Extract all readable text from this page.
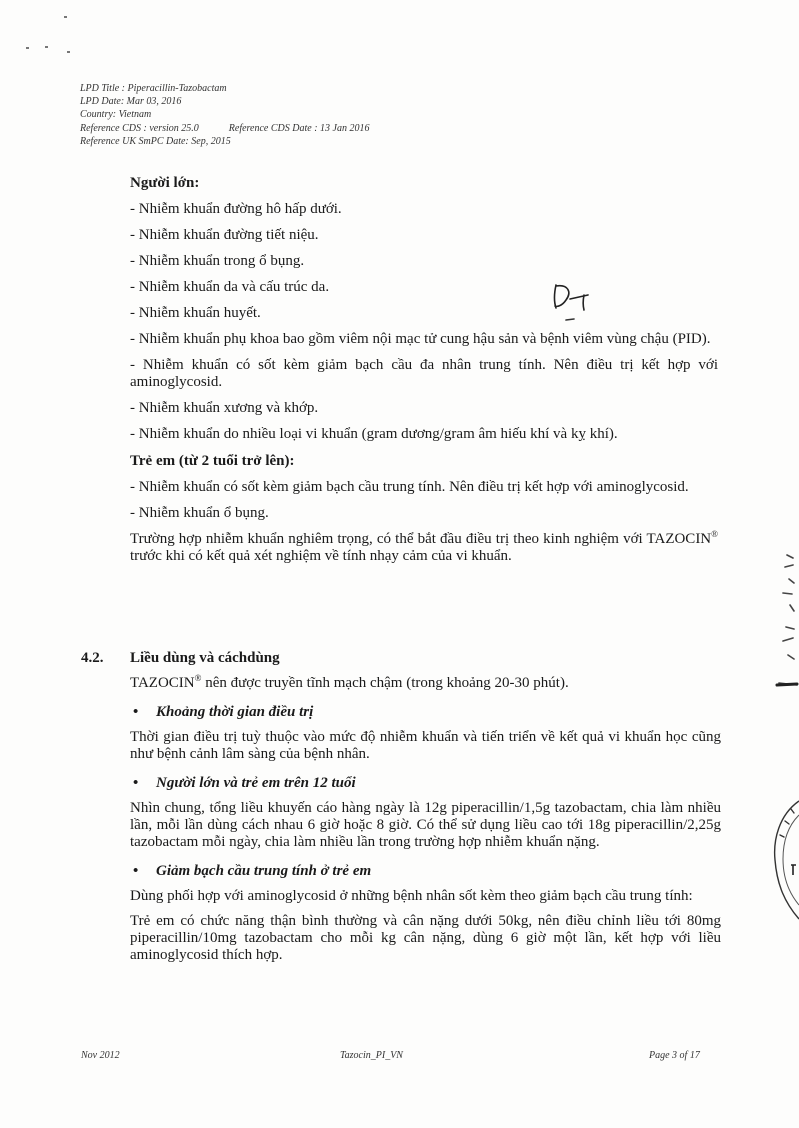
LPD Title : Piperacillin-Tazobactam
LPD Date: Mar 03, 2016
Country: Vietnam
Reference CDS : version 25.0	Reference CDS Date : 13 Jan 2016
Reference UK SmPC Date: Sep, 2015
Người lớn:
- Nhiễm khuẩn đường hô hấp dưới.
- Nhiễm khuẩn đường tiết niệu.
- Nhiễm khuẩn trong ổ bụng.
- Nhiễm khuẩn da và cấu trúc da.
- Nhiễm khuẩn huyết.
- Nhiễm khuẩn phụ khoa bao gồm viêm nội mạc tử cung hậu sản và bệnh viêm vùng chậu (PID).
- Nhiễm khuẩn có sốt kèm giảm bạch cầu đa nhân trung tính. Nên điều trị kết hợp với aminoglycosid.
- Nhiễm khuẩn xương và khớp.
- Nhiễm khuẩn do nhiều loại vi khuẩn (gram dương/gram âm hiếu khí và kỵ khí).
Trẻ em (từ 2 tuổi trở lên):
- Nhiễm khuẩn có sốt kèm giảm bạch cầu trung tính. Nên điều trị kết hợp với aminoglycosid.
- Nhiễm khuẩn ổ bụng.
Trường hợp nhiễm khuẩn nghiêm trọng, có thể bắt đầu điều trị theo kinh nghiệm với TAZOCIN® trước khi có kết quả xét nghiệm về tính nhạy cảm của vi khuẩn.
4.2.	Liều dùng và cáchdùng
TAZOCIN® nên được truyền tĩnh mạch chậm (trong khoảng 20-30 phút).
•	Khoảng thời gian điều trị
Thời gian điều trị tuỳ thuộc vào mức độ nhiễm khuẩn và tiến triển về kết quả vi khuẩn học cũng như bệnh cảnh lâm sàng của bệnh nhân.
•	Người lớn và trẻ em trên 12 tuổi
Nhìn chung, tổng liều khuyến cáo hàng ngày là 12g piperacillin/1,5g tazobactam, chia làm nhiều lần, mỗi lần dùng cách nhau 6 giờ hoặc 8 giờ. Có thể sử dụng liều cao tới 18g piperacillin/2,25g tazobactam mỗi ngày, chia làm nhiều lần trong trường hợp nhiễm khuẩn nặng.
•	Giảm bạch cầu trung tính ở trẻ em
Dùng phối hợp với aminoglycosid ở những bệnh nhân sốt kèm theo giảm bạch cầu trung tính:
Trẻ em có chức năng thận bình thường và cân nặng dưới 50kg, nên điều chỉnh liều tới 80mg piperacillin/10mg tazobactam cho mỗi kg cân nặng, dùng 6 giờ một lần, kết hợp với liều aminoglycosid thích hợp.
Nov 2012	Tazocin_PI_VN	Page 3 of 17
